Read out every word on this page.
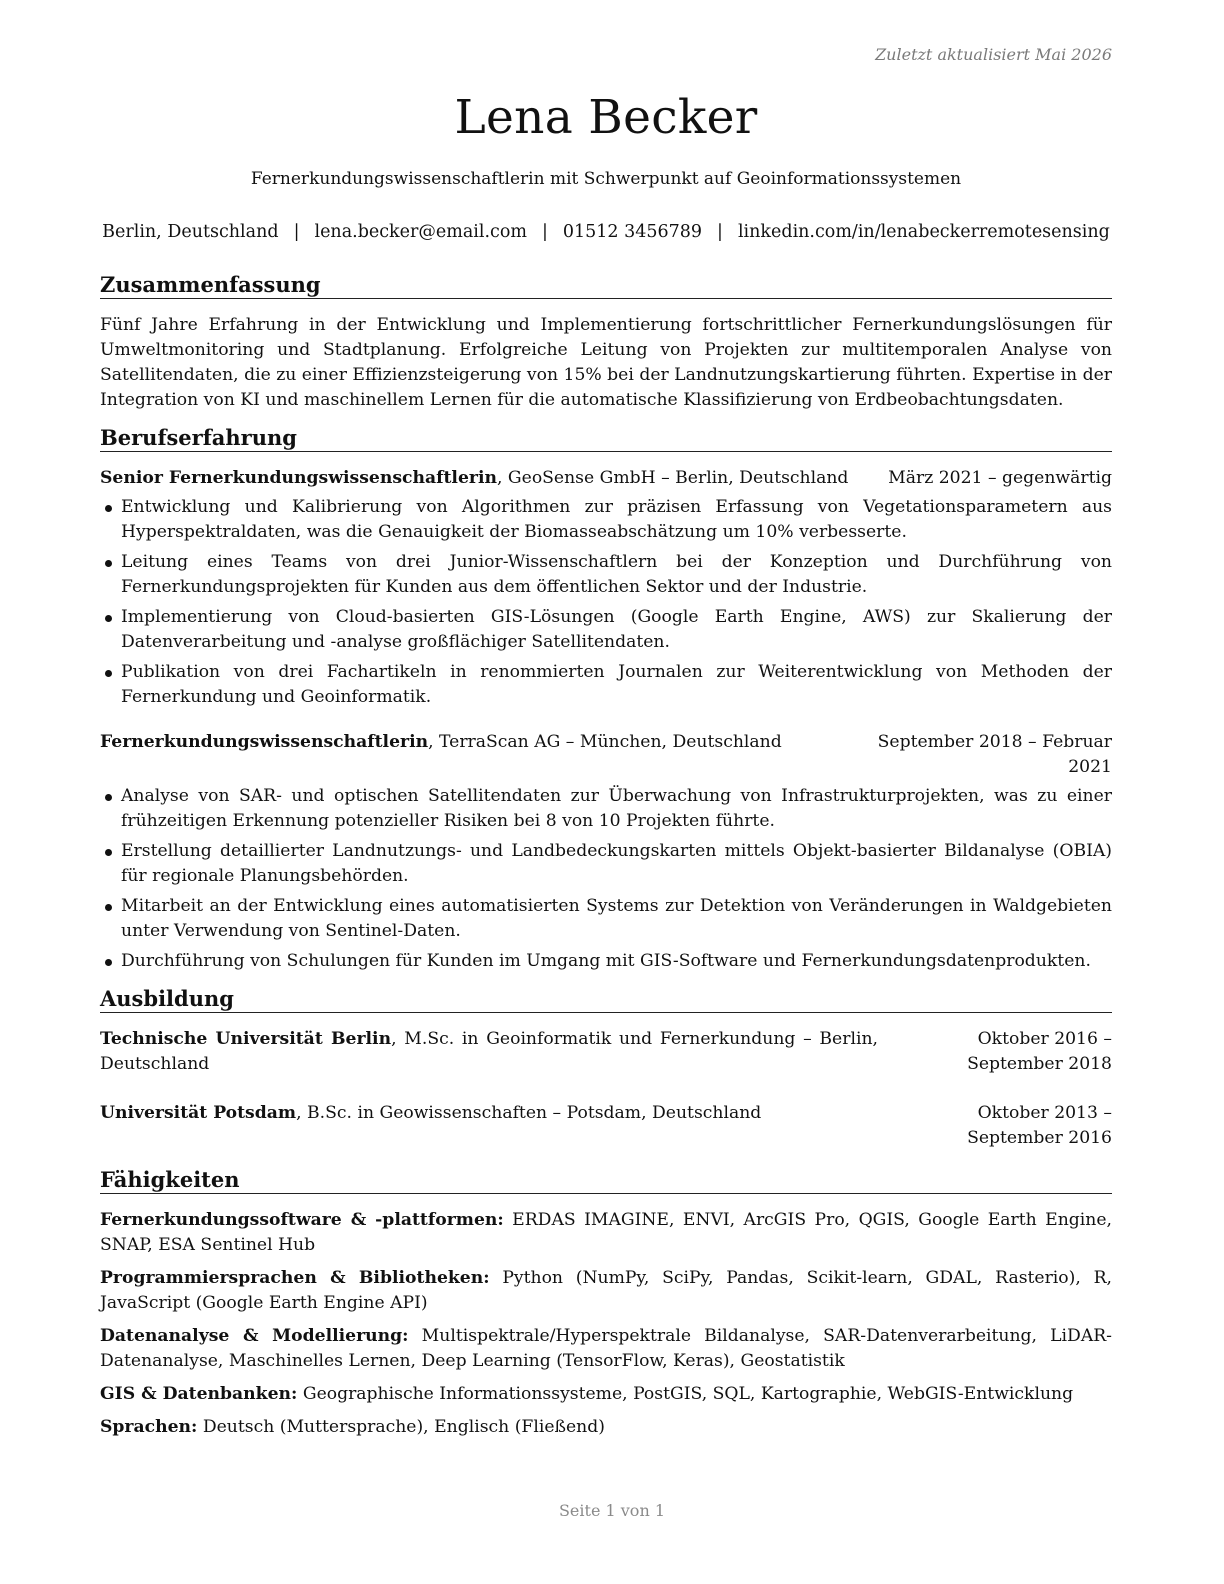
Zuletzt aktualisiert Mai 2026
Lena Becker
Fernerkundungswissenschaftlerin mit Schwerpunkt auf Geoinformationssystemen
Berlin, Deutschland | lena.becker@email.com | 01512 3456789 | linkedin.com/in/lenabeckerremotesensing
Zusammenfassung

Fünf Jahre Erfahrung in der Entwicklung und Implementierung fortschrittlicher Fernerkundungslösungen für Umweltmonitoring und Stadtplanung. Erfolgreiche Leitung von Projekten zur multitemporalen Analyse von Satellitendaten, die zu einer Effizienzsteigerung von 15% bei der Landnutzungskartierung führten. Expertise in der Integration von KI und maschinellem Lernen für die automatische Klassifizierung von Erdbeobachtungsdaten.

Berufserfahrung
Senior Fernerkundungswissenschaftlerin, GeoSense GmbH – Berlin, Deutschland	März 2021 – gegenwärtig
Entwicklung und Kalibrierung von Algorithmen zur präzisen Erfassung von Vegetationsparametern aus Hyperspektraldaten, was die Genauigkeit der Biomasseabschätzung um 10% verbesserte.
Leitung eines Teams von drei Junior-Wissenschaftlern bei der Konzeption und Durchführung von Fernerkundungsprojekten für Kunden aus dem öffentlichen Sektor und der Industrie.
Implementierung von Cloud-basierten GIS-Lösungen (Google Earth Engine, AWS) zur Skalierung der Datenverarbeitung und -analyse großflächiger Satellitendaten.
Publikation von drei Fachartikeln in renommierten Journalen zur Weiterentwicklung von Methoden der Fernerkundung und Geoinformatik.
Fernerkundungswissenschaftlerin, TerraScan AG – München, Deutschland	September 2018 – Februar 2021
Analyse von SAR- und optischen Satellitendaten zur Überwachung von Infrastrukturprojekten, was zu einer frühzeitigen Erkennung potenzieller Risiken bei 8 von 10 Projekten führte.
Erstellung detaillierter Landnutzungs- und Landbedeckungskarten mittels Objekt-basierter Bildanalyse (OBIA) für regionale Planungsbehörden.
Mitarbeit an der Entwicklung eines automatisierten Systems zur Detektion von Veränderungen in Waldgebieten unter Verwendung von Sentinel-Daten.
Durchführung von Schulungen für Kunden im Umgang mit GIS-Software und Fernerkundungsdatenprodukten.
Ausbildung
Technische Universität Berlin, M.Sc. in Geoinformatik und Fernerkundung – Berlin, Deutschland
Oktober 2016 – September 2018
Universität Potsdam, B.Sc. in Geowissenschaften – Potsdam, Deutschland	Oktober 2013 – September 2016
Fähigkeiten
Fernerkundungssoftware & -plattformen: ERDAS IMAGINE, ENVI, ArcGIS Pro, QGIS, Google Earth Engine, SNAP, ESA Sentinel Hub
Programmiersprachen & Bibliotheken: Python (NumPy, SciPy, Pandas, Scikit-learn, GDAL, Rasterio), R, JavaScript (Google Earth Engine API)
Datenanalyse & Modellierung: Multispektrale/Hyperspektrale Bildanalyse, SAR-Datenverarbeitung, LiDAR-Datenanalyse, Maschinelles Lernen, Deep Learning (TensorFlow, Keras), Geostatistik
GIS & Datenbanken: Geographische Informationssysteme, PostGIS, SQL, Kartographie, WebGIS-Entwicklung
Sprachen: Deutsch (Muttersprache), Englisch (Fließend)
Seite 1 von 1
